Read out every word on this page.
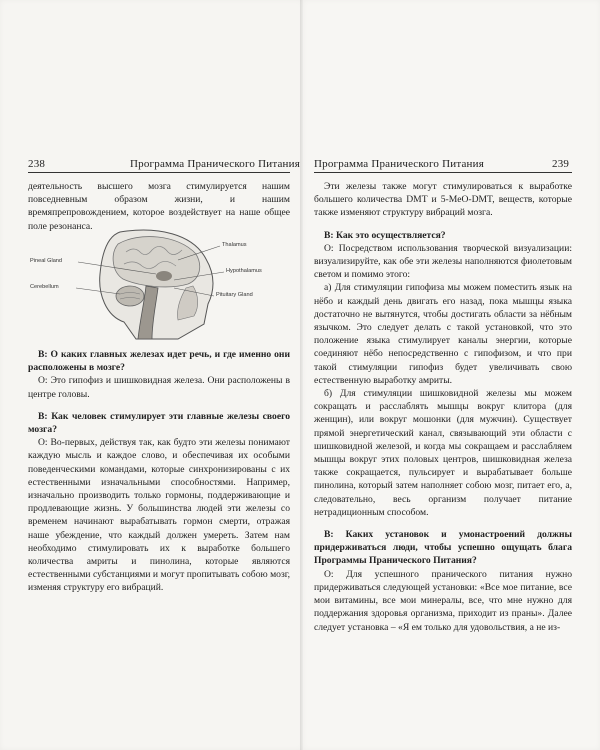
238	Программа Праничeского Питания

деятельность высшего мозга стимулируется нашим повседневным образом жизни, и нашим времяпрепровождением, которое воздействует на наше общее поле резонанса.

Pineal Gland
Cerebellum
Thalamus
Hypothalamus
Pituitary Gland

В: О каких главных железах идет речь, и где именно они расположены в мозге?

О: Это гипофиз и шишковидная железа. Они расположены в центре головы.

В: Как человек стимулирует эти главные железы своего мозга?

О: Во-первых, действуя так, как будто эти железы понимают каждую мысль и каждое слово, и обеспечивая их особыми поведенческими командами, которые синхронизированы с их естественными изначальными способностями. Например, изначально производить только гормоны, поддерживающие и продлевающие жизнь. У большинства людей эти железы со временем начинают вырабатывать гормон смерти, отражая наше убеждение, что каждый должен умереть. Затем нам необходимо стимулировать их к выработке большего количества амриты и пинолина, которые являются естественными субстанциями и могут пропитывать собою мозг, изменяя структуру его вибраций.

Программа Праничeского Питания	239

Эти железы также могут стимулироваться к выработке большего количества DMT и 5-MeO-DMT, веществ, которые также изменяют структуру вибраций мозга.

В: Как это осуществляется?

О: Посредством использования творческой визуализации: визуализируйте, как обе эти железы наполняются фиолетовым светом и помимо этого:

а) Для стимуляции гипофиза мы можем поместить язык на нёбо и каждый день двигать его назад, пока мышцы языка достаточно не вытянутся, чтобы достигать области за нёбным язычком. Это следует делать с такой установкой, что это положение языка стимулирует каналы энергии, которые соединяют нёбо непосредственно с гипофизом, и что при такой стимуляции гипофиз будет увеличивать свою естественную выработку амриты.

б) Для стимуляции шишковидной железы мы можем сокращать и расслаблять мышцы вокруг клитора (для женщин), или вокруг мошонки (для мужчин). Существует прямой энергетический канал, связывающий эти области с шишковидной железой, и когда мы сокращаем и расслабляем мышцы вокруг этих половых центров, шишковидная железа также сокращается, пульсирует и вырабатывает больше пинолина, который затем наполняет собою мозг, питает его, а, следовательно, весь организм получает питание нетрадиционным способом.

В: Каких установок и умонастроений должны придерживаться люди, чтобы успешно ощущать блага Программы Праничeского Питания?

О: Для успешного праничeского питания нужно придерживаться следующей установки: «Все мое питание, все мои витамины, все мои минералы, все, что мне нужно для поддержания здоровья организма, приходит из праны». Далее следует установка – «Я ем только для удовольствия, а не из-
